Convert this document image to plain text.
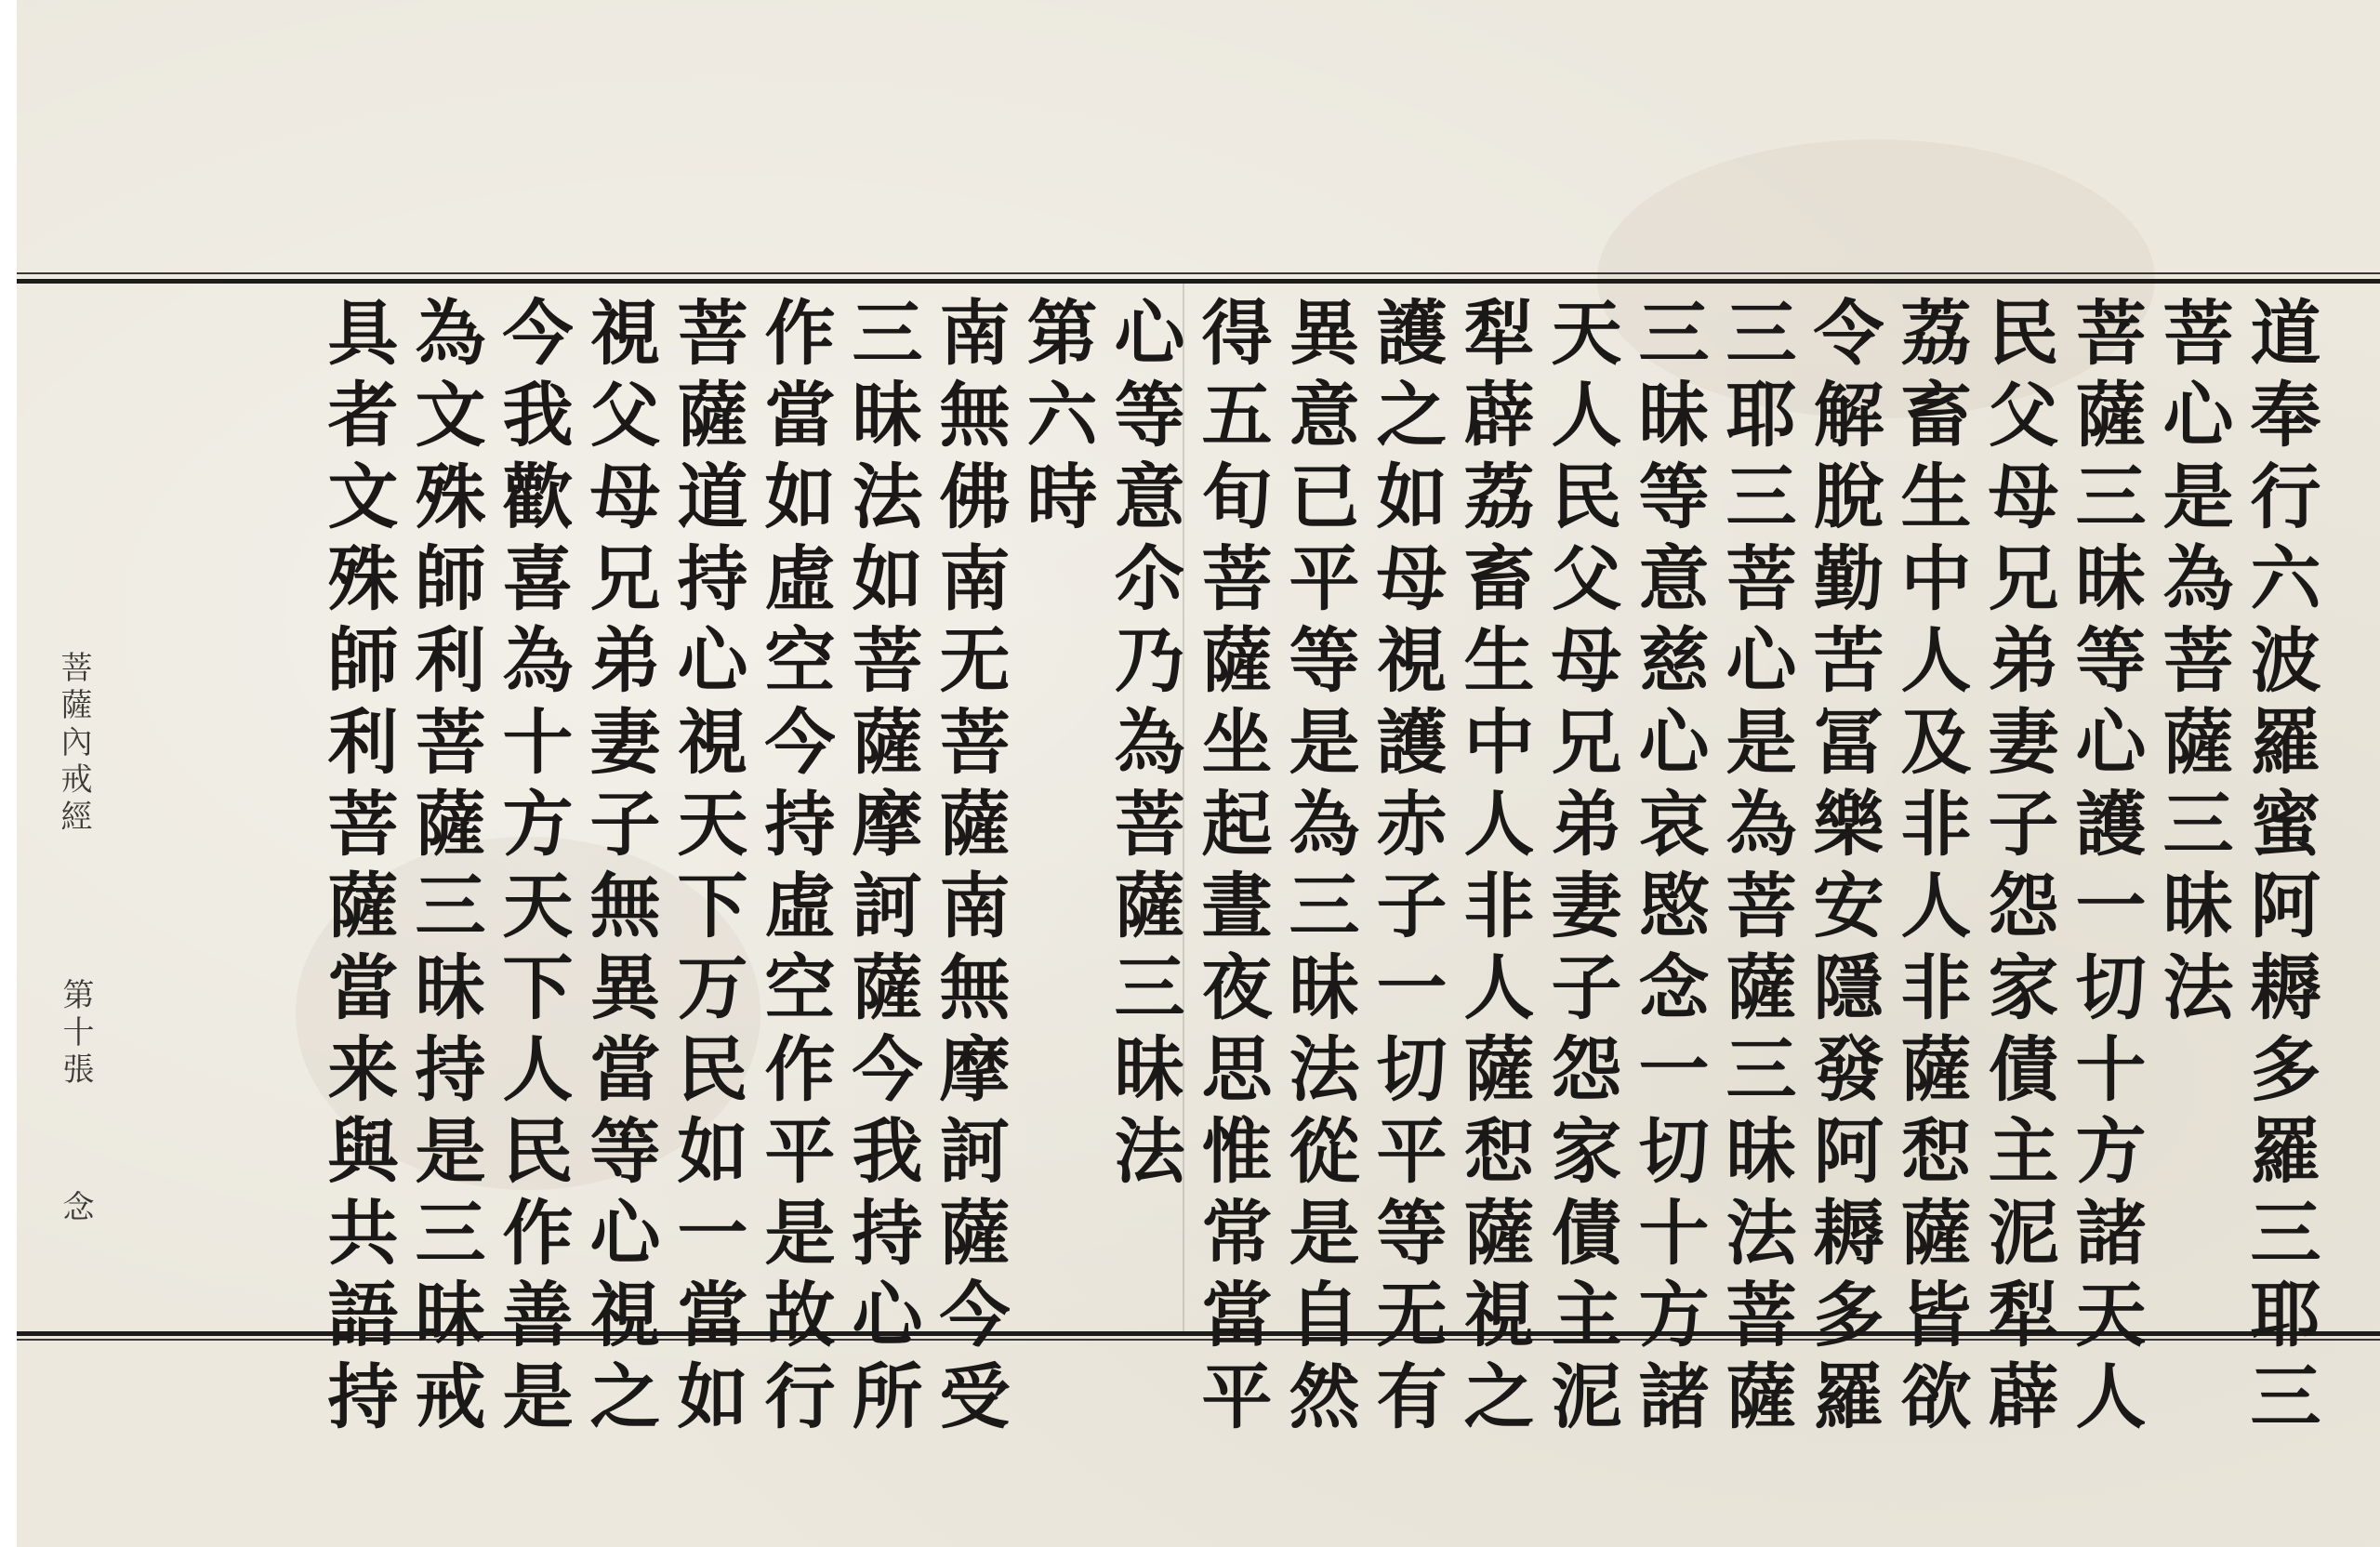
道奉行六波羅蜜阿耨多羅三耶三
菩心是為菩薩三昧法
菩薩三昧等心護一切十方諸天人
民父母兄弟妻子怨家債主泥犁薜
荔畜生中人及非人非薩惒薩皆欲
令解脫勤苦冨樂安隱發阿耨多羅
三耶三菩心是為菩薩三昧法菩薩
三昧等意慈心哀愍念一切十方諸
天人民父母兄弟妻子怨家債主泥
犁薜荔畜生中人非人薩惒薩視之
護之如母視護赤子一切平等无有
異意已平等是為三昧法從是自然
得五旬菩薩坐起晝夜思惟常當平
心等意尒乃為菩薩三昧法
第六時
南無佛南无菩薩南無摩訶薩今受
三昧法如菩薩摩訶薩今我持心所
作當如虛空今持虛空作平是故行
菩薩道持心視天下万民如一當如
視父母兄弟妻子無異當等心視之
今我歡喜為十方天下人民作善是
為文殊師利菩薩三昧持是三昧戒
具者文殊師利菩薩當来與共語持
菩薩內戒經
第十張
念
